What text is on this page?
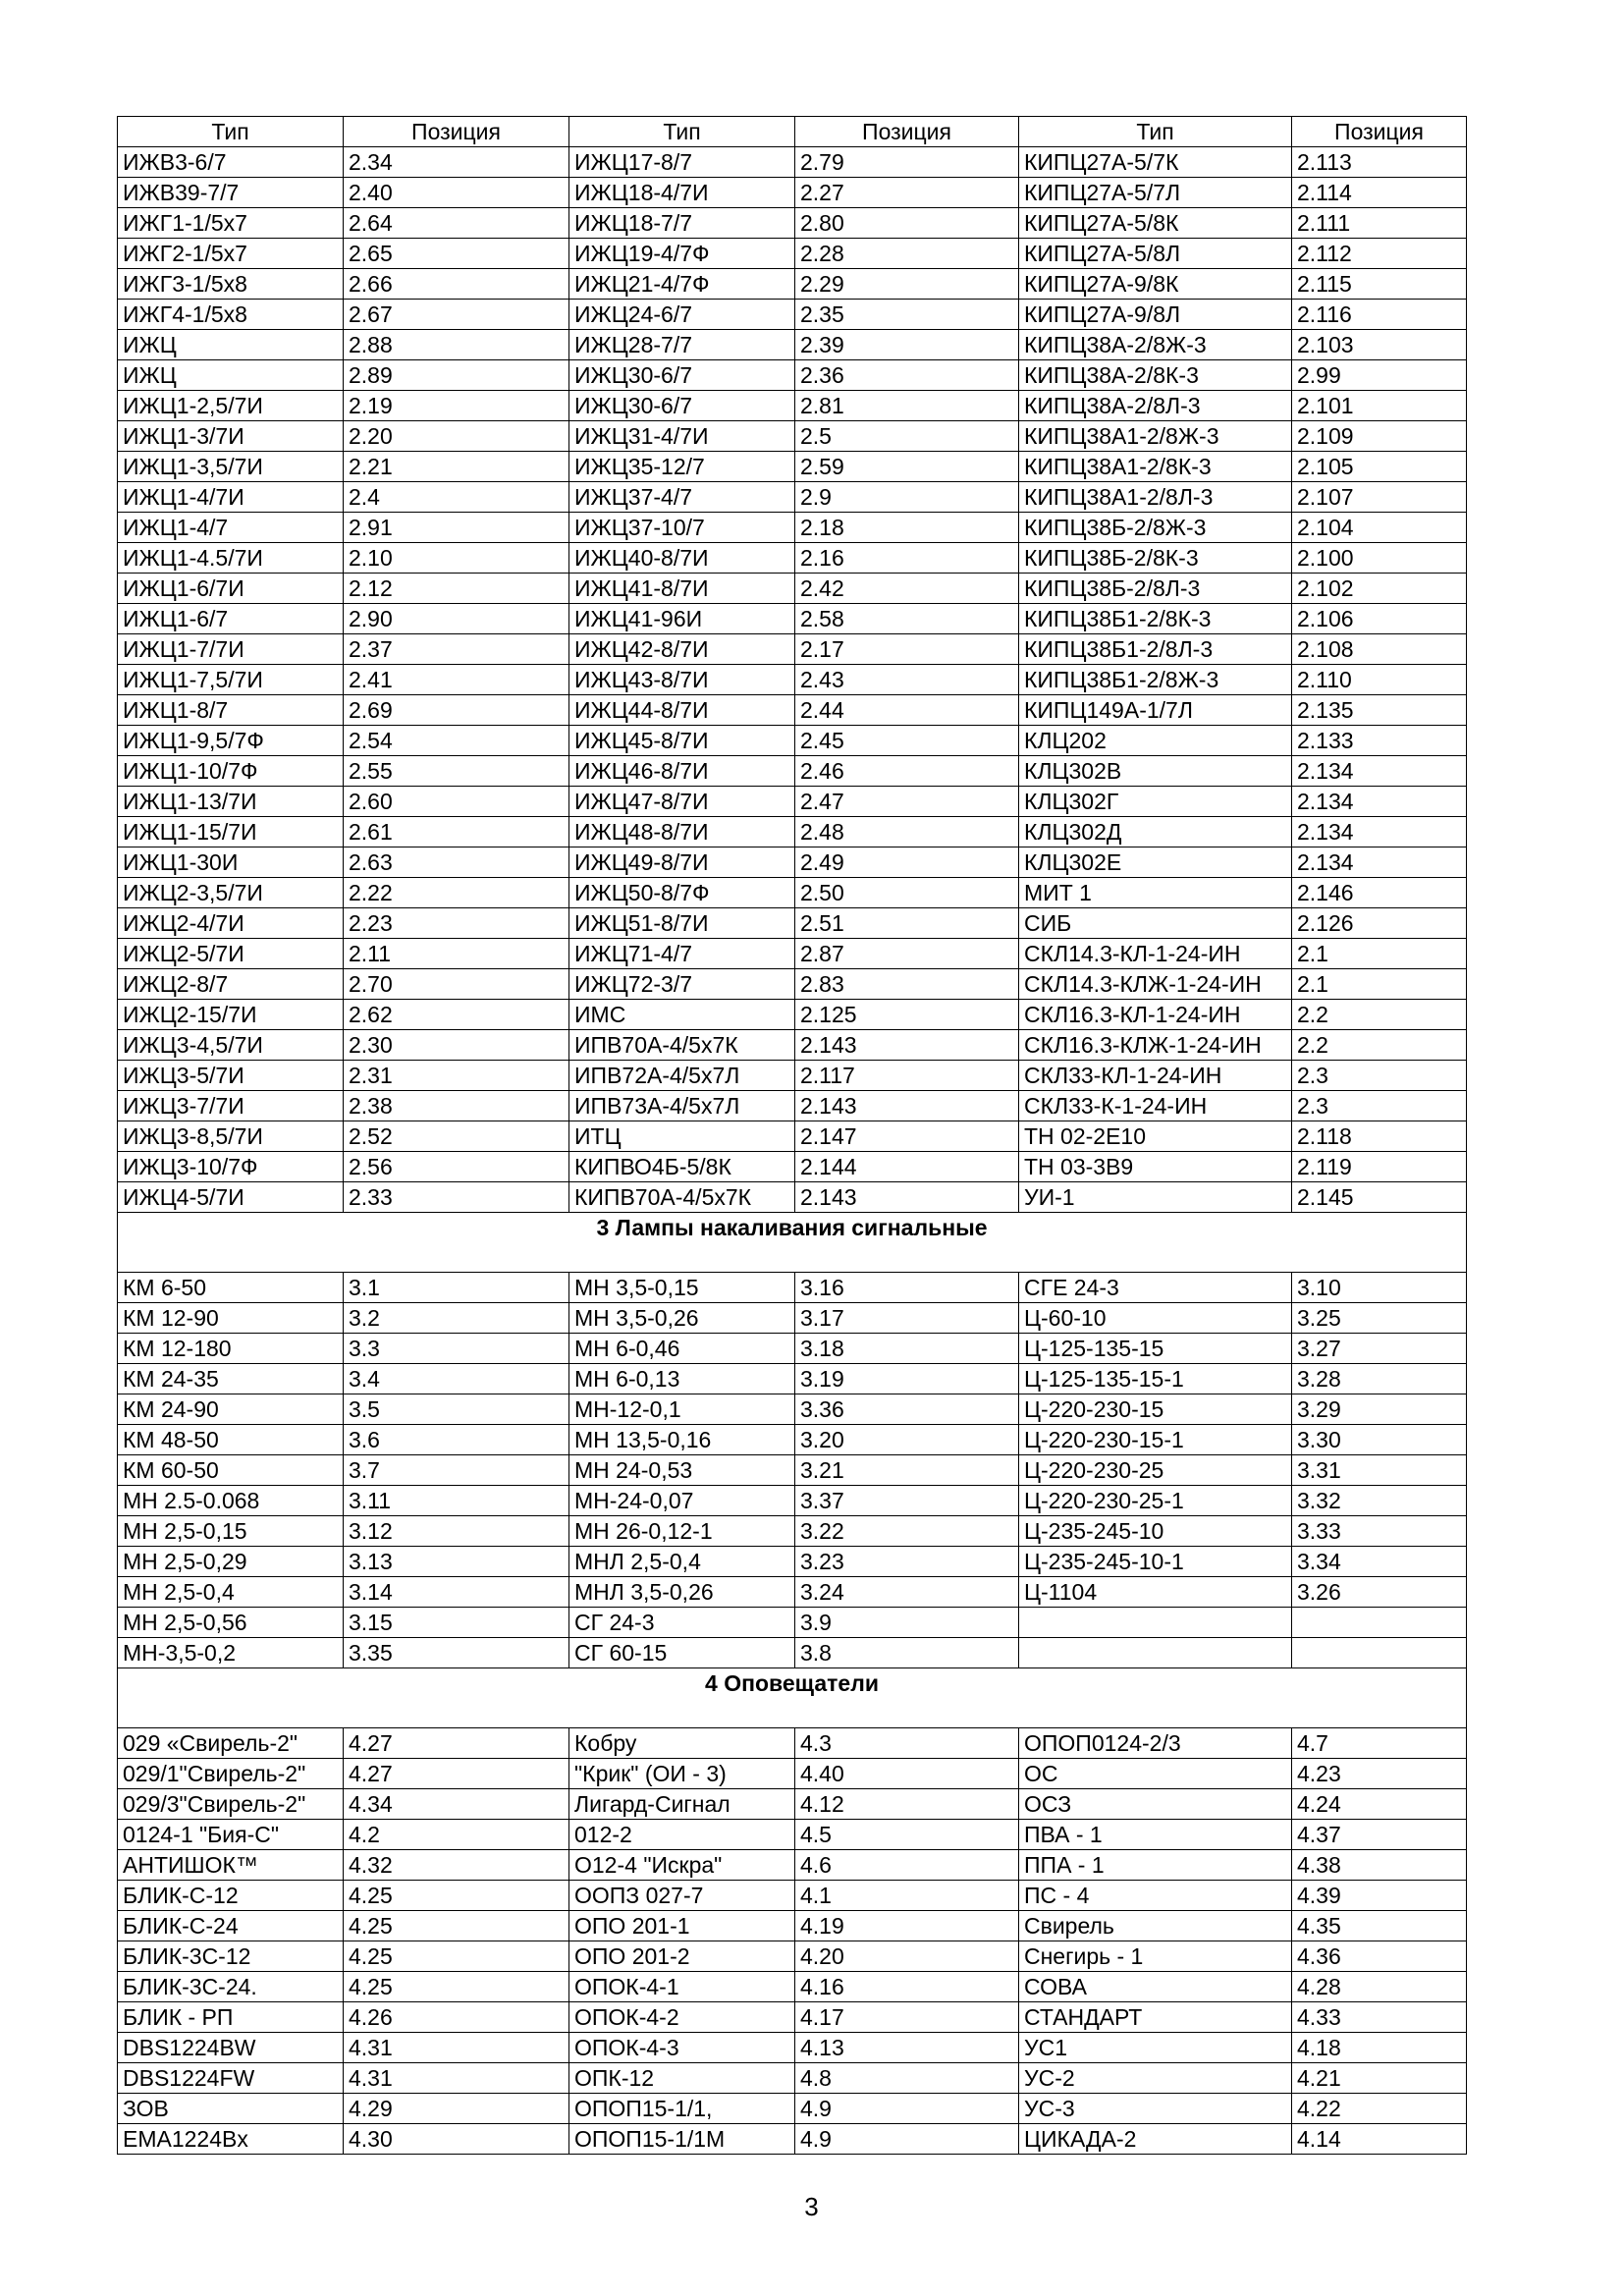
Тип	Позиция	Тип	Позиция	Тип	Позиция
ИЖВ3-6/7	2.34	ИЖЦ17-8/7	2.79	КИПЦ27А-5/7К	2.113
ИЖВ39-7/7	2.40	ИЖЦ18-4/7И	2.27	КИПЦ27А-5/7Л	2.114
ИЖГ1-1/5х7	2.64	ИЖЦ18-7/7	2.80	КИПЦ27А-5/8К	2.111
ИЖГ2-1/5х7	2.65	ИЖЦ19-4/7Ф	2.28	КИПЦ27А-5/8Л	2.112
ИЖГ3-1/5х8	2.66	ИЖЦ21-4/7Ф	2.29	КИПЦ27А-9/8К	2.115
ИЖГ4-1/5х8	2.67	ИЖЦ24-6/7	2.35	КИПЦ27А-9/8Л	2.116
ИЖЦ	2.88	ИЖЦ28-7/7	2.39	КИПЦ38А-2/8Ж-3	2.103
ИЖЦ	2.89	ИЖЦ30-6/7	2.36	КИПЦ38А-2/8К-3	2.99
ИЖЦ1-2,5/7И	2.19	ИЖЦ30-6/7	2.81	КИПЦ38А-2/8Л-3	2.101
ИЖЦ1-3/7И	2.20	ИЖЦ31-4/7И	2.5	КИПЦ38А1-2/8Ж-3	2.109
ИЖЦ1-3,5/7И	2.21	ИЖЦ35-12/7	2.59	КИПЦ38А1-2/8К-3	2.105
ИЖЦ1-4/7И	2.4	ИЖЦ37-4/7	2.9	КИПЦ38А1-2/8Л-3	2.107
ИЖЦ1-4/7	2.91	ИЖЦ37-10/7	2.18	КИПЦ38Б-2/8Ж-3	2.104
ИЖЦ1-4.5/7И	2.10	ИЖЦ40-8/7И	2.16	КИПЦ38Б-2/8К-3	2.100
ИЖЦ1-6/7И	2.12	ИЖЦ41-8/7И	2.42	КИПЦ38Б-2/8Л-3	2.102
ИЖЦ1-6/7	2.90	ИЖЦ41-96И	2.58	КИПЦ38Б1-2/8К-3	2.106
ИЖЦ1-7/7И	2.37	ИЖЦ42-8/7И	2.17	КИПЦ38Б1-2/8Л-3	2.108
ИЖЦ1-7,5/7И	2.41	ИЖЦ43-8/7И	2.43	КИПЦ38Б1-2/8Ж-3	2.110
ИЖЦ1-8/7	2.69	ИЖЦ44-8/7И	2.44	КИПЦ149А-1/7Л	2.135
ИЖЦ1-9,5/7Ф	2.54	ИЖЦ45-8/7И	2.45	КЛЦ202	2.133
ИЖЦ1-10/7Ф	2.55	ИЖЦ46-8/7И	2.46	КЛЦ302В	2.134
ИЖЦ1-13/7И	2.60	ИЖЦ47-8/7И	2.47	КЛЦ302Г	2.134
ИЖЦ1-15/7И	2.61	ИЖЦ48-8/7И	2.48	КЛЦ302Д	2.134
ИЖЦ1-30И	2.63	ИЖЦ49-8/7И	2.49	КЛЦ302Е	2.134
ИЖЦ2-3,5/7И	2.22	ИЖЦ50-8/7Ф	2.50	МИТ 1	2.146
ИЖЦ2-4/7И	2.23	ИЖЦ51-8/7И	2.51	СИБ	2.126
ИЖЦ2-5/7И	2.11	ИЖЦ71-4/7	2.87	СКЛ14.3-КЛ-1-24-ИН	2.1
ИЖЦ2-8/7	2.70	ИЖЦ72-3/7	2.83	СКЛ14.3-КЛЖ-1-24-ИН	2.1
ИЖЦ2-15/7И	2.62	ИМС	2.125	СКЛ16.3-КЛ-1-24-ИН	2.2
ИЖЦ3-4,5/7И	2.30	ИПВ70А-4/5х7К	2.143	СКЛ16.3-КЛЖ-1-24-ИН	2.2
ИЖЦ3-5/7И	2.31	ИПВ72А-4/5х7Л	2.117	СКЛ33-КЛ-1-24-ИН	2.3
ИЖЦ3-7/7И	2.38	ИПВ73А-4/5х7Л	2.143	СКЛ33-К-1-24-ИН	2.3
ИЖЦ3-8,5/7И	2.52	ИТЦ	2.147	ТН 02-2Е10	2.118
ИЖЦ3-10/7Ф	2.56	КИПВО4Б-5/8К	2.144	ТН 03-3В9	2.119
ИЖЦ4-5/7И	2.33	КИПВ70А-4/5х7К	2.143	УИ-1	2.145
3 Лампы накаливания сигнальные					
КМ 6-50	3.1	МН 3,5-0,15	3.16	СГЕ 24-3	3.10
КМ 12-90	3.2	МН 3,5-0,26	3.17	Ц-60-10	3.25
КМ 12-180	3.3	МН 6-0,46	3.18	Ц-125-135-15	3.27
КМ 24-35	3.4	МН 6-0,13	3.19	Ц-125-135-15-1	3.28
КМ 24-90	3.5	МН-12-0,1	3.36	Ц-220-230-15	3.29
КМ 48-50	3.6	МН 13,5-0,16	3.20	Ц-220-230-15-1	3.30
КМ 60-50	3.7	МН 24-0,53	3.21	Ц-220-230-25	3.31
МН 2.5-0.068	3.11	МН-24-0,07	3.37	Ц-220-230-25-1	3.32
МН 2,5-0,15	3.12	МН 26-0,12-1	3.22	Ц-235-245-10	3.33
МН 2,5-0,29	3.13	МНЛ 2,5-0,4	3.23	Ц-235-245-10-1	3.34
МН 2,5-0,4	3.14	МНЛ 3,5-0,26	3.24	Ц-1104	3.26
МН 2,5-0,56	3.15	СГ 24-3	3.9		
МН-3,5-0,2	3.35	СГ 60-15	3.8		
4 Оповещатели					
029 «Свирель-2"	4.27	Кобру	4.3	ОПОП0124-2/3	4.7
029/1"Свирель-2"	4.27	"Крик" (ОИ - 3)	4.40	ОС	4.23
029/3"Свирель-2"	4.34	Лигард-Сигнал	4.12	ОСЗ	4.24
0124-1 "Бия-С"	4.2	012-2	4.5	ПВА - 1	4.37
АНТИШОК™	4.32	О12-4 "Искра"	4.6	ППА - 1	4.38
БЛИК-С-12	4.25	ООПЗ 027-7	4.1	ПС - 4	4.39
БЛИК-С-24	4.25	ОПО 201-1	4.19	Свирель	4.35
БЛИК-3С-12	4.25	ОПО 201-2	4.20	Снегирь - 1	4.36
БЛИК-3С-24.	4.25	ОПОК-4-1	4.16	СОВА	4.28
БЛИК - РП	4.26	ОПОК-4-2	4.17	СТАНДАРТ	4.33
DBS1224BW	4.31	ОПОК-4-3	4.13	УС1	4.18
DBS1224FW	4.31	ОПК-12	4.8	УС-2	4.21
ЗОВ	4.29	ОПОП15-1/1,	4.9	УС-3	4.22
EMA1224Bx	4.30	ОПОП15-1/1М	4.9	ЦИКАДА-2	4.14
3
